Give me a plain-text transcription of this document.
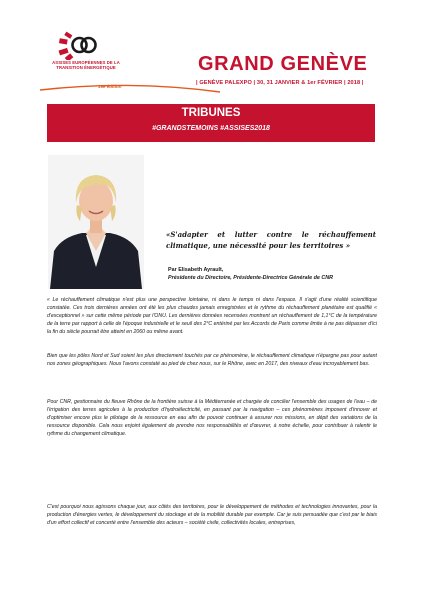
ASSISES EUROPÉENNES DE LA TRANSITION ÉNERGÉTIQUE
19e édition
GRAND GENÈVE
| GENÈVE PALEXPO | 30, 31 JANVIER & 1er FÉVRIER | 2018 |
TRIBUNES
#GRANDSTEMOINS #ASSISES2018
«S'adapter et lutter contre le réchauffement climatique, une nécessité pour les territoires »
Par Elisabeth Ayrault,
Présidente du Directoire, Présidente-Directrice Générale de CNR
« Le réchauffement climatique n'est plus une perspective lointaine, ni dans le temps ni dans l'espace. Il s'agit d'une réalité scientifique constatée. Ces trois dernières années ont été les plus chaudes jamais enregistrées et le rythme du réchauffement planétaire est qualifié « d'exceptionnel » sur cette même période par l'ONU. Les dernières données recensées montrent un réchauffement de 1,1°C de la température de la terre par rapport à celle de l'époque industrielle et le seuil des 2°C entériné par les Accords de Paris comme limite à ne pas dépasser d'ici la fin du siècle pourrait être atteint en 2060 ou même avant.
Bien que les pôles Nord et Sud soient les plus directement touchés par ce phénomène, le réchauffement climatique n'épargne pas pour autant nos zones géographiques. Nous l'avons constaté au pied de chez nous, sur le Rhône, avec en 2017, des niveaux d'eau incroyablement bas.
Pour CNR, gestionnaire du fleuve Rhône de la frontière suisse à la Méditerranée et chargée de concilier l'ensemble des usages de l'eau – de l'irrigation des terres agricoles à la production d'hydroélectricité, en passant par la navigation – ces phénomènes imposent d'innover et d'optimiser encore plus le pilotage de la ressource en eau afin de pouvoir continuer à assurer nos missions, en dépit des variations de la ressource disponible. Cela nous enjoint également de prendre nos responsabilités et d'œuvrer, à notre échelle, pour contribuer à ralentir le rythme du changement climatique.
C'est pourquoi nous agissons chaque jour, aux côtés des territoires, pour le développement de méthodes et technologies innovantes, pour la production d'énergies vertes, le développement du stockage et de la mobilité durable par exemple. Car je suis persuadée que c'est par le biais d'un effort collectif et concerté entre l'ensemble des acteurs – société civile, collectivités locales, entreprises,
